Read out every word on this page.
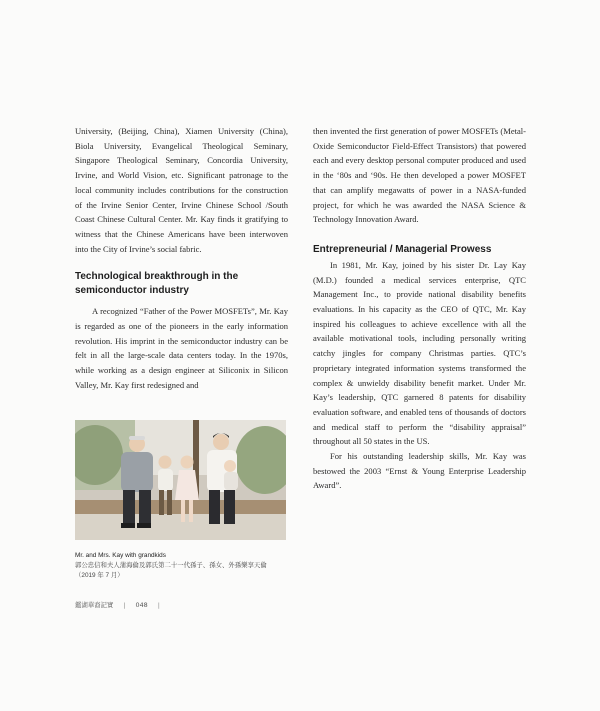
University, (Beijing, China), Xiamen University (China), Biola University, Evangelical Theological Seminary, Singapore Theological Seminary, Concordia University, Irvine, and World Vision, etc. Significant patronage to the local community includes contributions for the construction of the Irvine Senior Center, Irvine Chinese School /South Coast Chinese Cultural Center. Mr. Kay finds it gratifying to witness that the Chinese Americans have been interwoven into the City of Irvine’s social fabric.

Technological breakthrough in the semiconductor industry

A recognized “Father of the Power MOSFETs”, Mr. Kay is regarded as one of the pioneers in the early information revolution. His imprint in the semiconductor industry can be felt in all the large-scale data centers today. In the 1970s, while working as a design engineer at Siliconix in Silicon Valley, Mr. Kay first redesigned and

then invented the first generation of power MOSFETs (Metal-Oxide Semiconductor Field-Effect Transistors) that powered each and every desktop personal computer produced and used in the ‘80s and ‘90s. He then developed a power MOSFET that can amplify megawatts of power in a NASA-funded project, for which he was awarded the NASA Science & Technology Innovation Award.

Entrepreneurial / Managerial Prowess

In 1981, Mr. Kay, joined by his sister Dr. Lay Kay (M.D.) founded a medical services enterprise, QTC Management Inc., to provide national disability benefits evaluations. In his capacity as the CEO of QTC, Mr. Kay inspired his colleagues to achieve excellence with all the available motivational tools, including personally writing catchy jingles for company Christmas parties. QTC’s proprietary integrated information systems transformed the complex & unwieldy disability benefit market. Under Mr. Kay’s leadership, QTC garnered 8 patents for disability evaluation software, and enabled tens of thousands of doctors and medical staff to perform the “disability appraisal” throughout all 50 states in the US.

For his outstanding leadership skills, Mr. Kay was bestowed the 2003 “Ernst & Young Enterprise Leadership Award”.

Mr. and Mrs. Kay with grandkids
郭公忠信和夫人蒲海倫及郭氏第二十一代孫子、孫女、外孫樂享天倫
（2019 年 7 月）
鑑湖華裔記實 | 048 |
